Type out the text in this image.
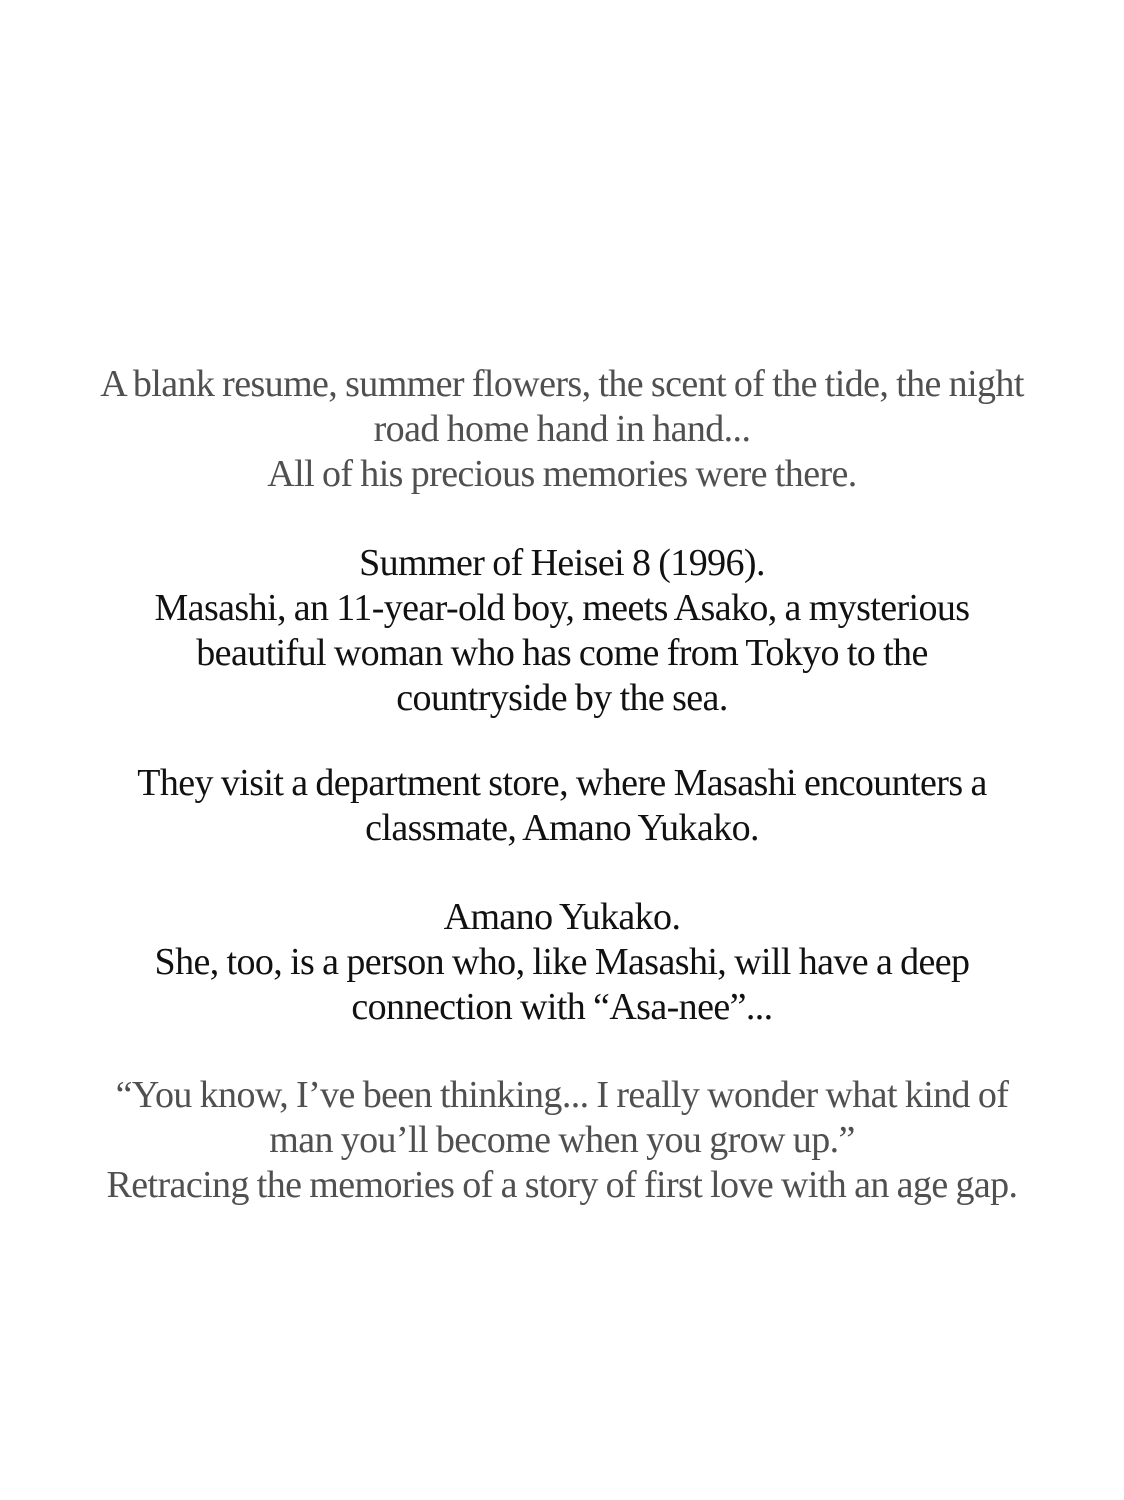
A blank resume, summer flowers, the scent of the tide, the night
road home hand in hand...
All of his precious memories were there.
Summer of Heisei 8 (1996).
Masashi, an 11-year-old boy, meets Asako, a mysterious
beautiful woman who has come from Tokyo to the
countryside by the sea.
They visit a department store, where Masashi encounters a
classmate, Amano Yukako.
Amano Yukako.
She, too, is a person who, like Masashi, will have a deep
connection with “Asa-nee”...
“You know, I’ve been thinking... I really wonder what kind of
man you’ll become when you grow up.”
Retracing the memories of a story of first love with an age gap.
